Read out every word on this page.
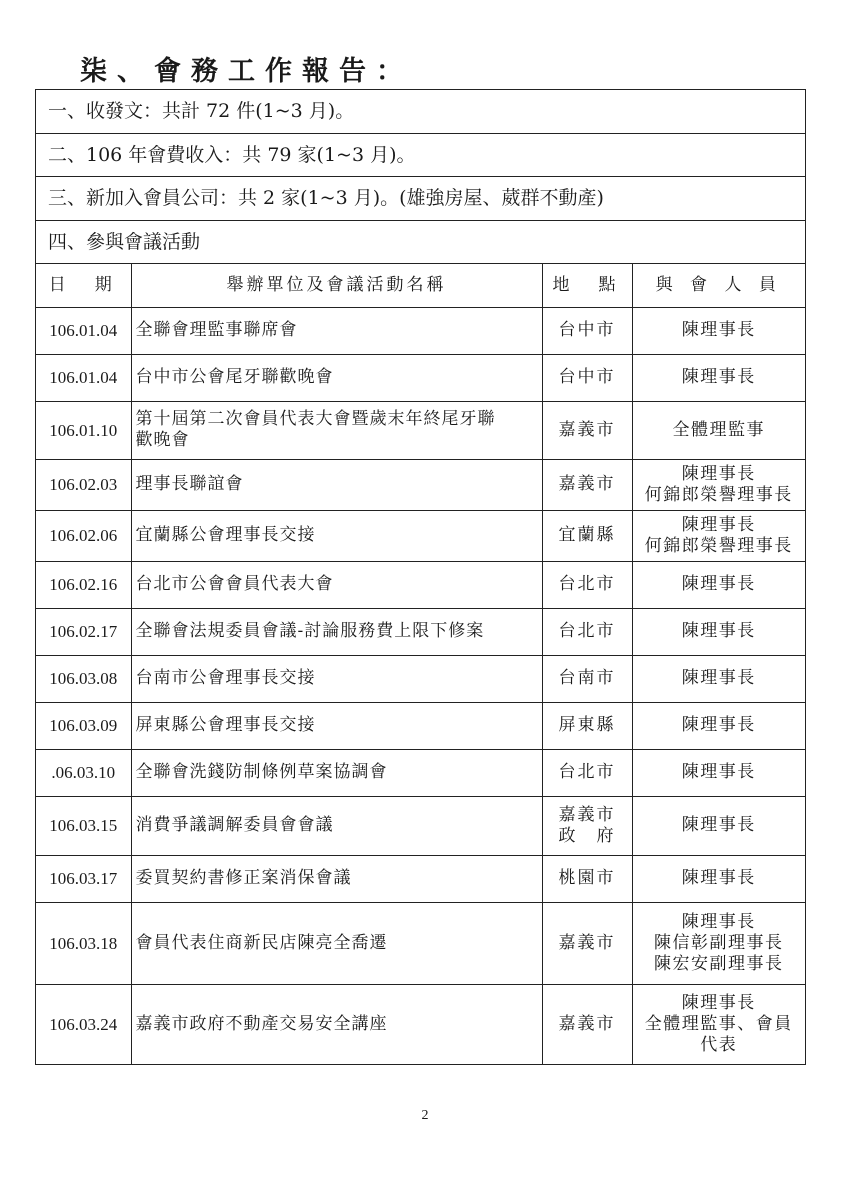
柒、會務工作報告：
一、收發文：共計 72 件(1~3 月)。
二、106 年會費收入：共 79 家(1~3 月)。
三、新加入會員公司：共 2 家(1~3 月)。(雄強房屋、葳群不動產)
四、參與會議活動
日　期	舉辦單位及會議活動名稱	地　點	與 會 人 員
106.01.04	全聯會理監事聯席會	台中市	陳理事長

106.01.04	台中市公會尾牙聯歡晚會	台中市	陳理事長

106.01.10	第十屆第二次會員代表大會暨歲末年終尾牙聯
歡晚會	嘉義市	全體理監事

106.02.03	理事長聯誼會	嘉義市	陳理事長
何錦郎榮譽理事長

106.02.06	宜蘭縣公會理事長交接	宜蘭縣	陳理事長
何錦郎榮譽理事長

106.02.16	台北市公會會員代表大會	台北市	陳理事長

106.02.17	全聯會法規委員會議-討論服務費上限下修案	台北市	陳理事長

106.03.08	台南市公會理事長交接	台南市	陳理事長

106.03.09	屏東縣公會理事長交接	屏東縣	陳理事長

.06.03.10	全聯會洗錢防制條例草案協調會	台北市	陳理事長

106.03.15	消費爭議調解委員會會議	嘉義市
政　府	陳理事長

106.03.17	委買契約書修正案消保會議	桃園市	陳理事長

106.03.18	會員代表住商新民店陳亮全喬遷	嘉義市	陳理事長
陳信彰副理事長
陳宏安副理事長

106.03.24	嘉義市政府不動產交易安全講座	嘉義市	陳理事長
全體理監事、會員
代表
2
